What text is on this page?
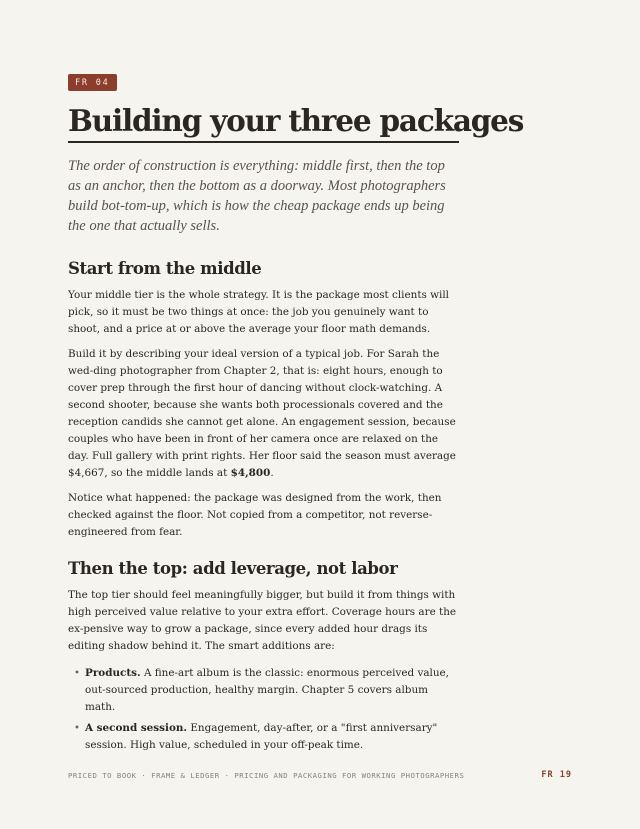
FR 04
Building your three packages

The order of construction is everything: middle first, then the top as an anchor, then the bottom as a doorway. Most photographers build bot-tom-up, which is how the cheap package ends up being the one that actually sells.

Start from the middle

Your middle tier is the whole strategy. It is the package most clients will pick, so it must be two things at once: the job you genuinely want to shoot, and a price at or above the average your floor math demands.

Build it by describing your ideal version of a typical job. For Sarah the wed-ding photographer from Chapter 2, that is: eight hours, enough to cover prep through the first hour of dancing without clock-watching. A second shooter, because she wants both processionals covered and the reception candids she cannot get alone. An engagement session, because couples who have been in front of her camera once are relaxed on the day. Full gallery with print rights. Her floor said the season must average $4,667, so the middle lands at $4,800.

Notice what happened: the package was designed from the work, then checked against the floor. Not copied from a competitor, not reverse-engineered from fear.

Then the top: add leverage, not labor

The top tier should feel meaningfully bigger, but build it from things with high perceived value relative to your extra effort. Coverage hours are the ex-pensive way to grow a package, since every added hour drags its editing shadow behind it. The smart additions are:

• Products. A fine-art album is the classic: enormous perceived value, out-sourced production, healthy margin. Chapter 5 covers album math.
• A second session. Engagement, day-after, or a "first anniversary" session. High value, scheduled in your off-peak time.
PRICED TO BOOK · FRAME & LEDGER · PRICING AND PACKAGING FOR WORKING PHOTOGRAPHERS	FR 19
